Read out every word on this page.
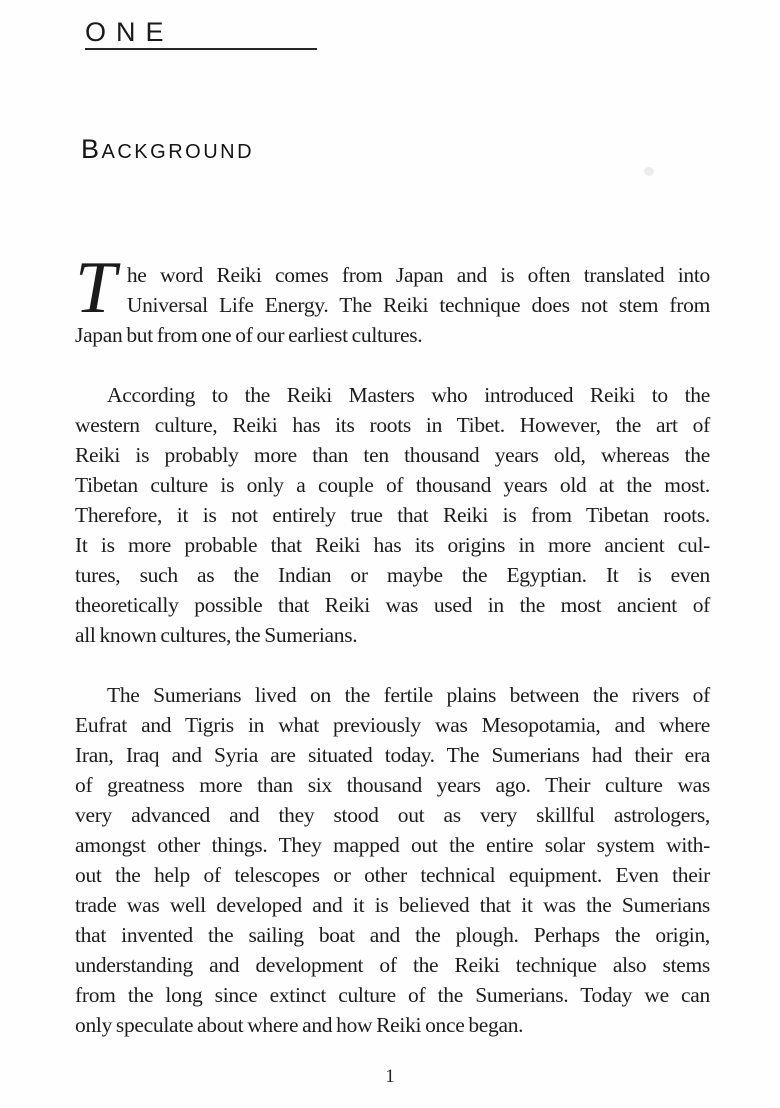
ONE
BACKGROUND
T he word Reiki comes from Japan and is often translated into
Universal Life Energy. The Reiki technique does not stem from
Japan but from one of our earliest cultures.
According to the Reiki Masters who introduced Reiki to the
western culture, Reiki has its roots in Tibet. However, the art of
Reiki is probably more than ten thousand years old, whereas the
Tibetan culture is only a couple of thousand years old at the most.
Therefore, it is not entirely true that Reiki is from Tibetan roots.
It is more probable that Reiki has its origins in more ancient cul-
tures, such as the Indian or maybe the Egyptian. It is even
theoretically possible that Reiki was used in the most ancient of
all known cultures, the Sumerians.
The Sumerians lived on the fertile plains between the rivers of
Eufrat and Tigris in what previously was Mesopotamia, and where
Iran, Iraq and Syria are situated today. The Sumerians had their era
of greatness more than six thousand years ago. Their culture was
very advanced and they stood out as very skillful astrologers,
amongst other things. They mapped out the entire solar system with-
out the help of telescopes or other technical equipment. Even their
trade was well developed and it is believed that it was the Sumerians
that invented the sailing boat and the plough. Perhaps the origin,
understanding and development of the Reiki technique also stems
from the long since extinct culture of the Sumerians. Today we can
only speculate about where and how Reiki once began.
1
